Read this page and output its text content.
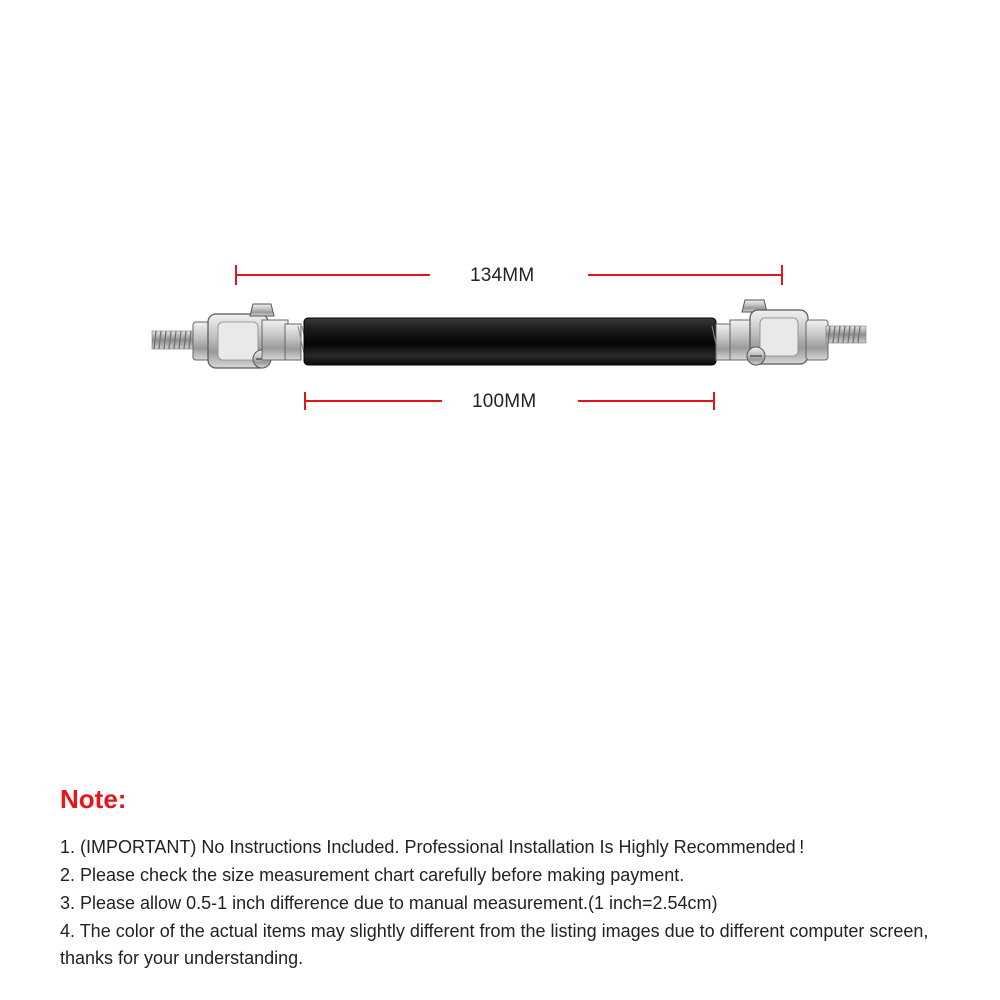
134MM
100MM
Note:
1. (IMPORTANT) No Instructions Included. Professional Installation Is Highly Recommended !
2. Please check the size measurement chart carefully before making payment.
3. Please allow 0.5-1 inch difference due to manual measurement.(1 inch=2.54cm)
4. The color of the actual items may slightly different from the listing images due to different computer screen, thanks for your understanding.
